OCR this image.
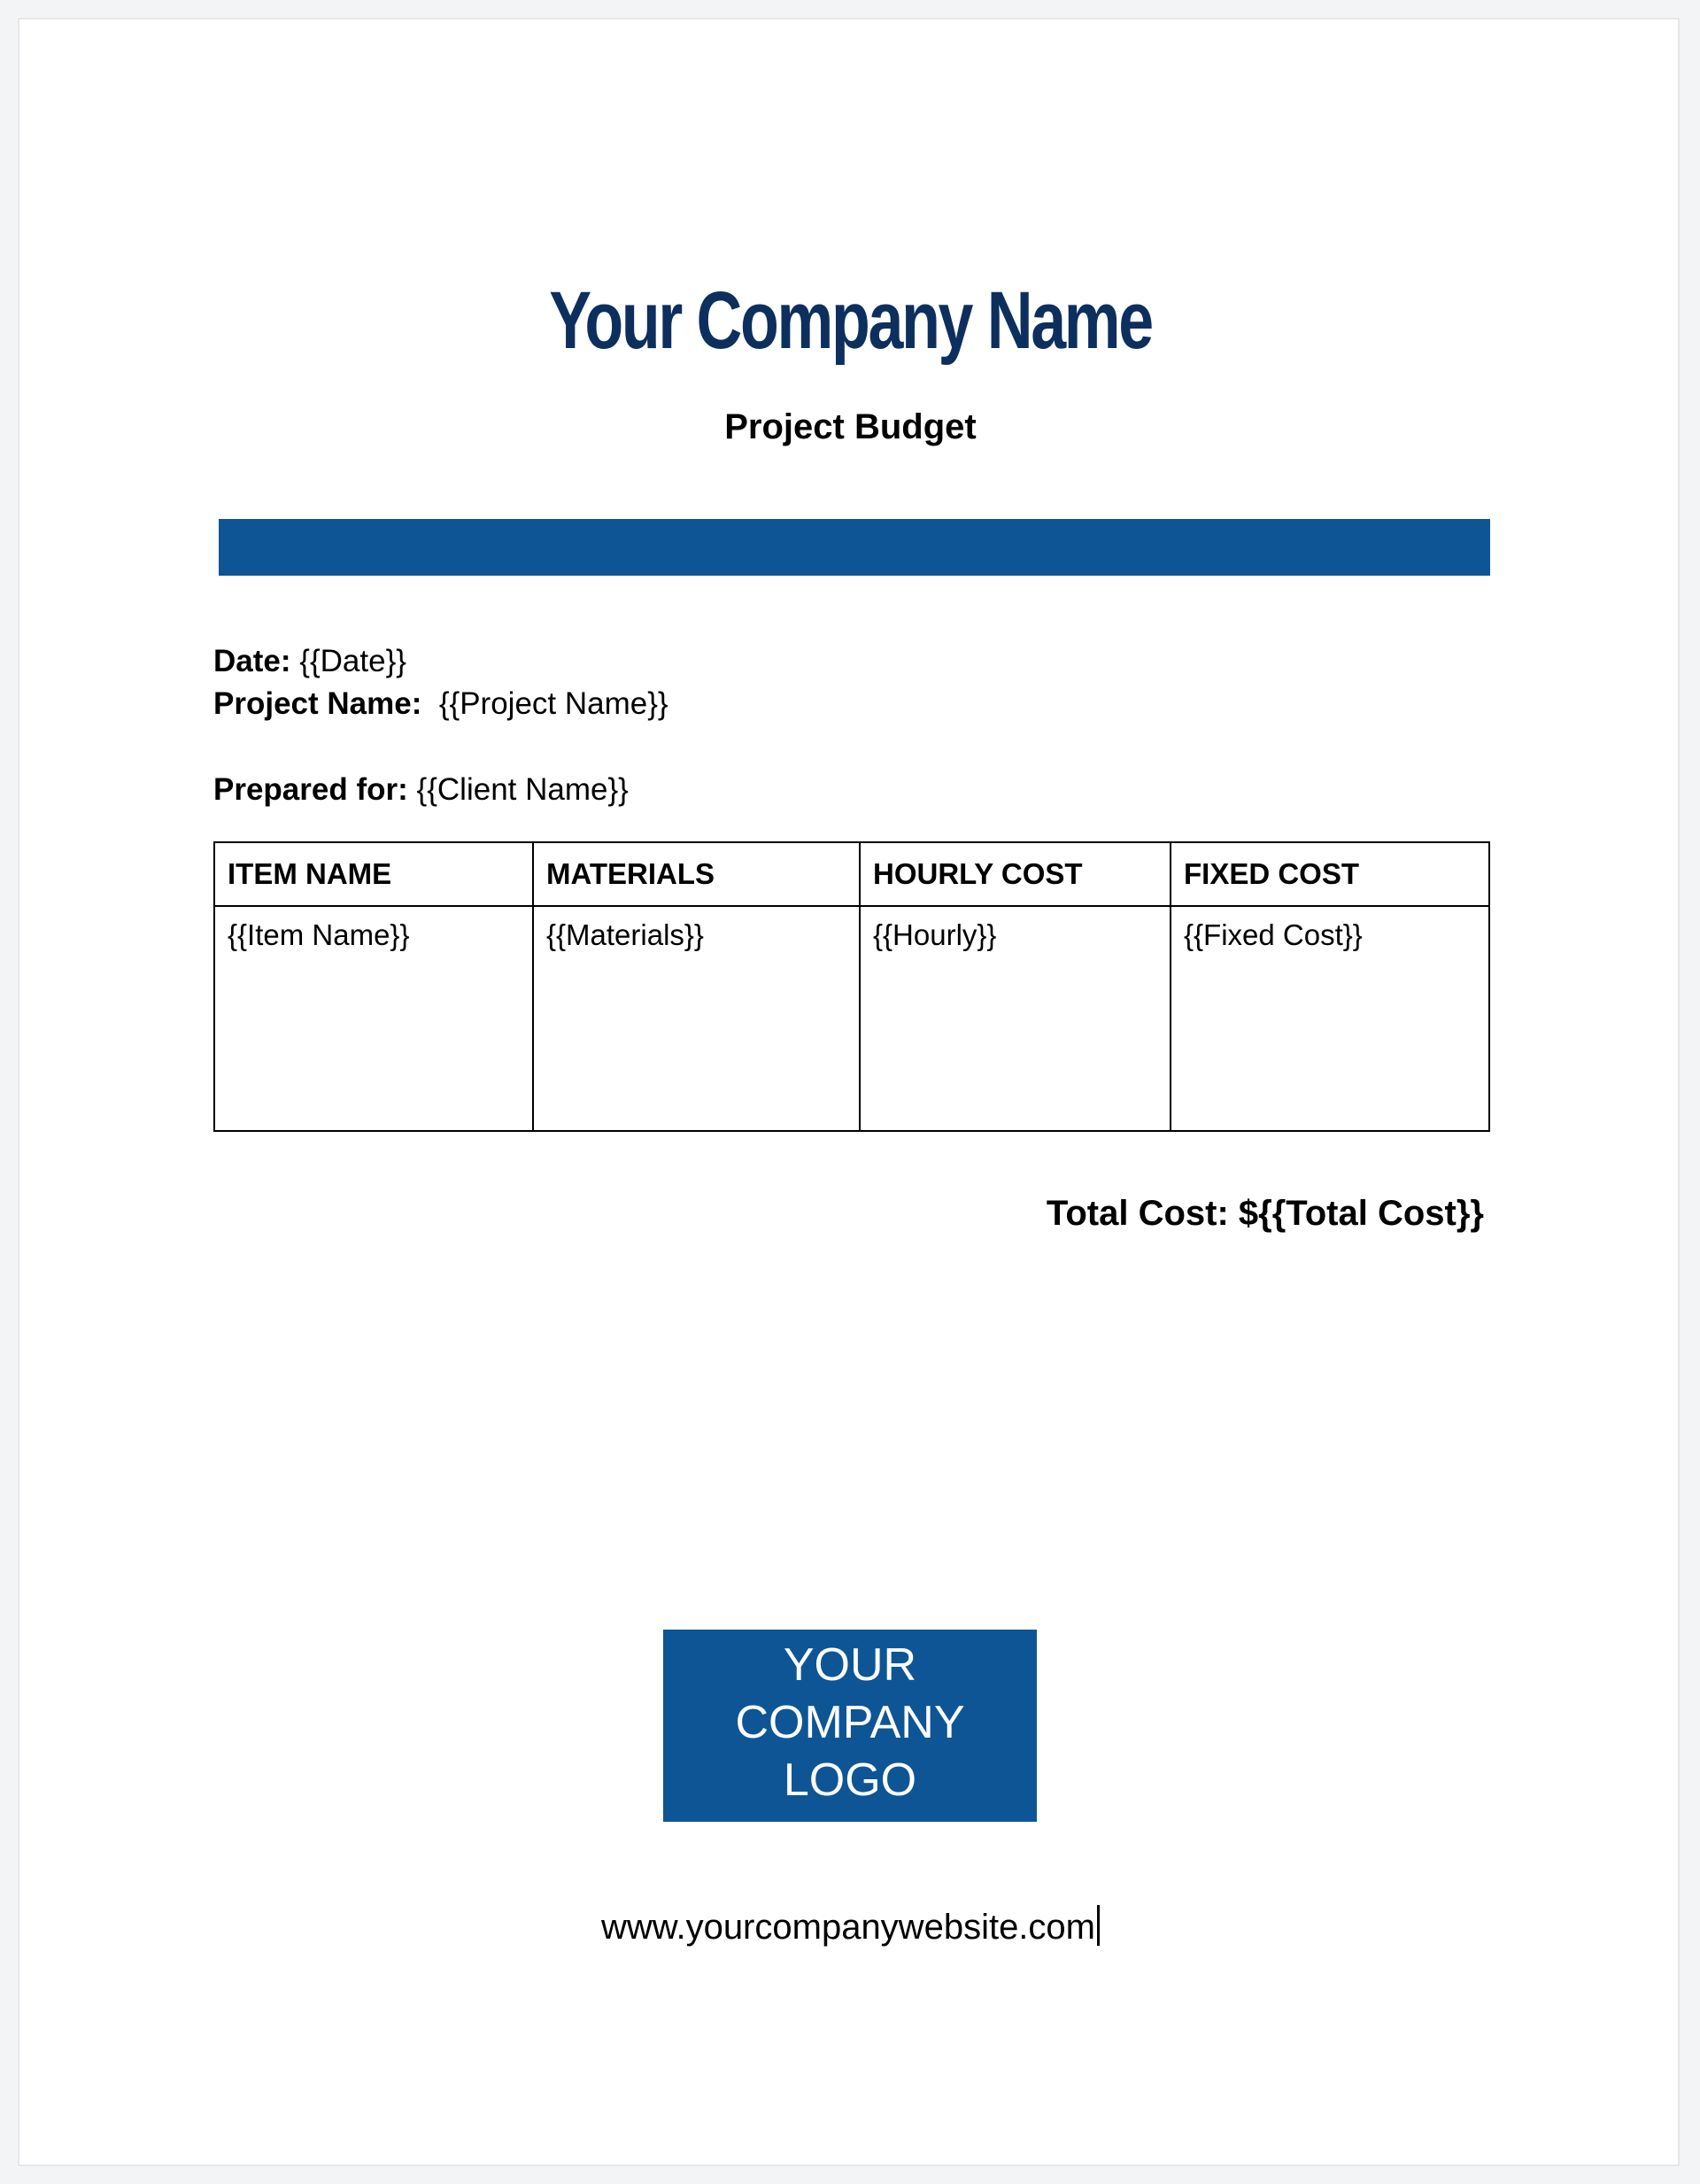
Your Company Name
Project Budget
Date: {{Date}}
Project Name: {{Project Name}}
Prepared for: {{Client Name}}
ITEM NAME	MATERIALS	HOURLY COST	FIXED COST
{{Item Name}}	{{Materials}}	{{Hourly}}	{{Fixed Cost}}
Total Cost: ${{Total Cost}}
YOUR
COMPANY
LOGO
www.yourcompanywebsite.com
